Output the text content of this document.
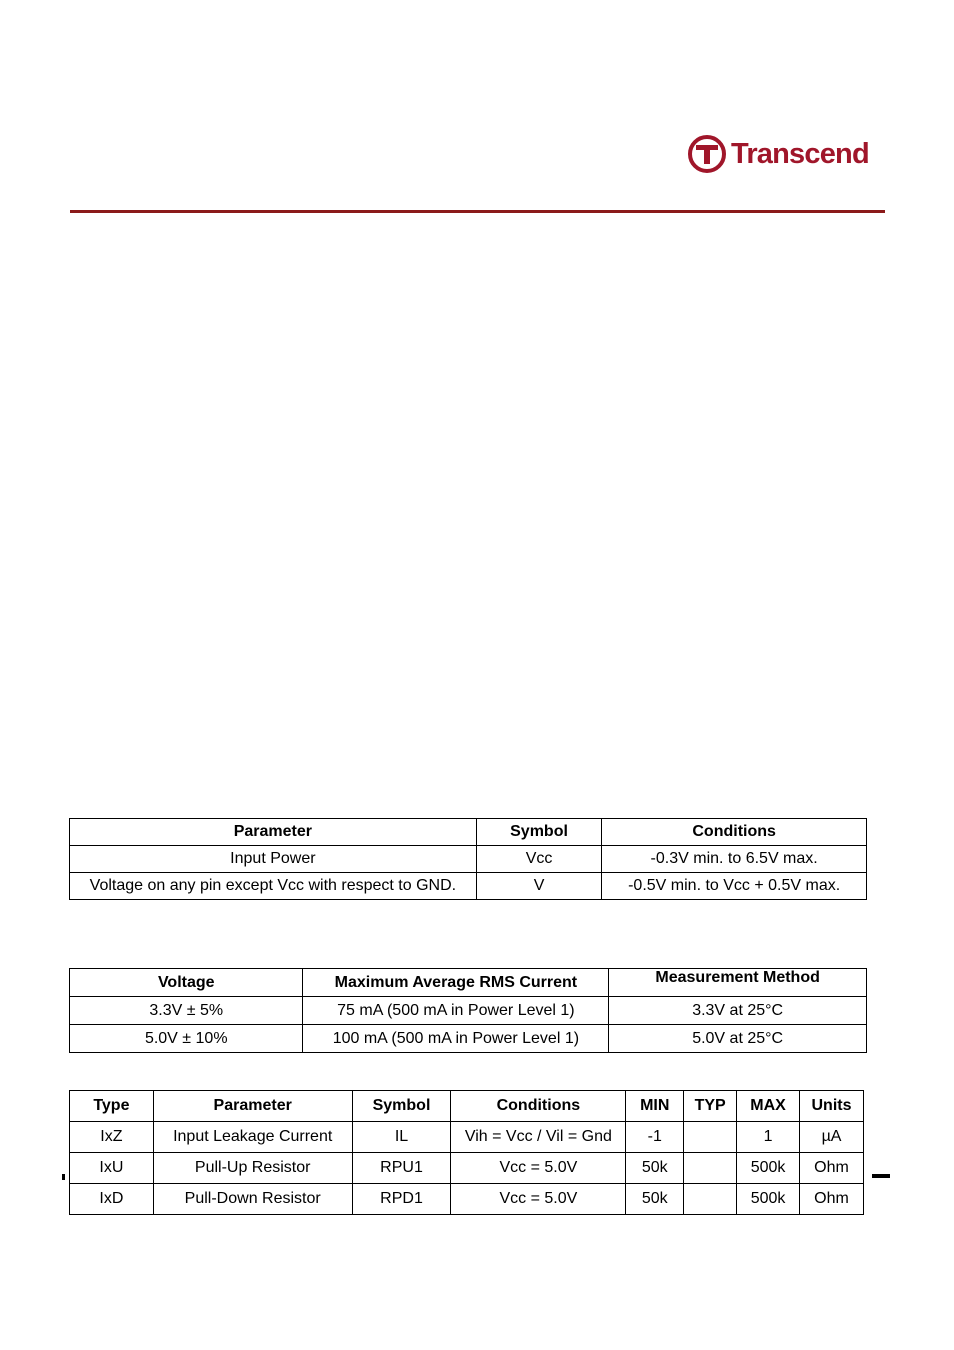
Transcend
Parameter	Symbol	Conditions
Input Power	Vcc	-0.3V min. to 6.5V max.
Voltage on any pin except Vcc with respect to GND.	V	-0.5V min. to Vcc + 0.5V max.
Voltage	Maximum Average RMS Current	Measurement Method
3.3V ± 5%	75 mA (500 mA in Power Level 1)	3.3V at 25°C
5.0V ± 10%	100 mA (500 mA in Power Level 1)	5.0V at 25°C
Type	Parameter	Symbol	Conditions	MIN	TYP	MAX	Units
IxZ	Input Leakage Current	IL	Vih = Vcc / Vil = Gnd	-1		1	µA
IxU	Pull-Up Resistor	RPU1	Vcc = 5.0V	50k		500k	Ohm
IxD	Pull-Down Resistor	RPD1	Vcc = 5.0V	50k		500k	Ohm
